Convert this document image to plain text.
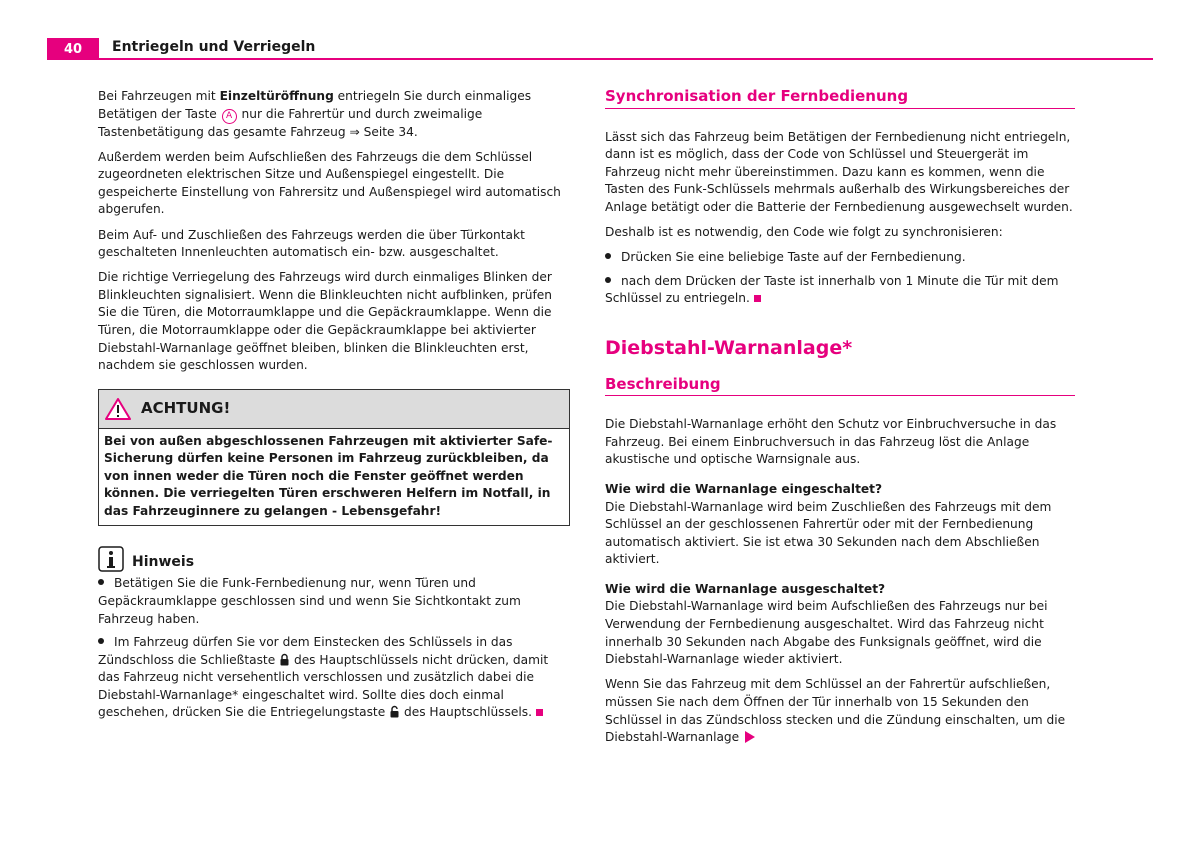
40	Entriegeln und Verriegeln

Bei Fahrzeugen mit Einzeltüröffnung entriegeln Sie durch einmaliges Betätigen der Taste A nur die Fahrertür und durch zweimalige Tastenbetätigung das gesamte Fahrzeug ⇒ Seite 34.

Außerdem werden beim Aufschließen des Fahrzeugs die dem Schlüssel zugeordneten elektrischen Sitze und Außenspiegel eingestellt. Die gespeicherte Einstellung von Fahrersitz und Außenspiegel wird automatisch abgerufen.

Beim Auf- und Zuschließen des Fahrzeugs werden die über Türkontakt geschalteten Innenleuchten automatisch ein- bzw. ausgeschaltet.

Die richtige Verriegelung des Fahrzeugs wird durch einmaliges Blinken der Blinkleuchten signalisiert. Wenn die Blinkleuchten nicht aufblinken, prüfen Sie die Türen, die Motorraumklappe und die Gepäckraumklappe. Wenn die Türen, die Motorraumklappe oder die Gepäckraumklappe bei aktivierter Diebstahl-Warnanlage geöffnet bleiben, blinken die Blinkleuchten erst, nachdem sie geschlossen wurden.

ACHTUNG!
Bei von außen abgeschlossenen Fahrzeugen mit aktivierter Safe-Sicherung dürfen keine Personen im Fahrzeug zurückbleiben, da von innen weder die Türen noch die Fenster geöffnet werden können. Die verriegelten Türen erschweren Helfern im Notfall, in das Fahrzeuginnere zu gelangen - Lebensgefahr!
Hinweis

Betätigen Sie die Funk-Fernbedienung nur, wenn Türen und Gepäckraumklappe geschlossen sind und wenn Sie Sichtkontakt zum Fahrzeug haben.

Im Fahrzeug dürfen Sie vor dem Einstecken des Schlüssels in das Zündschloss die Schließtaste  des Hauptschlüssels nicht drücken, damit das Fahrzeug nicht versehentlich verschlossen und zusätzlich dabei die Diebstahl-Warnanlage* eingeschaltet wird. Sollte dies doch einmal geschehen, drücken Sie die Entriegelungstaste  des Hauptschlüssels.

Synchronisation der Fernbedienung

Lässt sich das Fahrzeug beim Betätigen der Fernbedienung nicht entriegeln, dann ist es möglich, dass der Code von Schlüssel und Steuergerät im Fahrzeug nicht mehr übereinstimmen. Dazu kann es kommen, wenn die Tasten des Funk-Schlüssels mehrmals außerhalb des Wirkungsbereiches der Anlage betätigt oder die Batterie der Fernbedienung ausgewechselt wurden.

Deshalb ist es notwendig, den Code wie folgt zu synchronisieren:

Drücken Sie eine beliebige Taste auf der Fernbedienung.

nach dem Drücken der Taste ist innerhalb von 1 Minute die Tür mit dem Schlüssel zu entriegeln.

Diebstahl-Warnanlage*
Beschreibung

Die Diebstahl-Warnanlage erhöht den Schutz vor Einbruchversuche in das Fahrzeug. Bei einem Einbruchversuch in das Fahrzeug löst die Anlage akustische und optische Warnsignale aus.

Wie wird die Warnanlage eingeschaltet?

Die Diebstahl-Warnanlage wird beim Zuschließen des Fahrzeugs mit dem Schlüssel an der geschlossenen Fahrertür oder mit der Fernbedienung automatisch aktiviert. Sie ist etwa 30 Sekunden nach dem Abschließen aktiviert.

Wie wird die Warnanlage ausgeschaltet?

Die Diebstahl-Warnanlage wird beim Aufschließen des Fahrzeugs nur bei Verwendung der Fernbedienung ausgeschaltet. Wird das Fahrzeug nicht innerhalb 30 Sekunden nach Abgabe des Funksignals geöffnet, wird die Diebstahl-Warnanlage wieder aktiviert.

Wenn Sie das Fahrzeug mit dem Schlüssel an der Fahrertür aufschließen, müssen Sie nach dem Öffnen der Tür innerhalb von 15 Sekunden den Schlüssel in das Zündschloss stecken und die Zündung einschalten, um die Diebstahl-Warnanlage
